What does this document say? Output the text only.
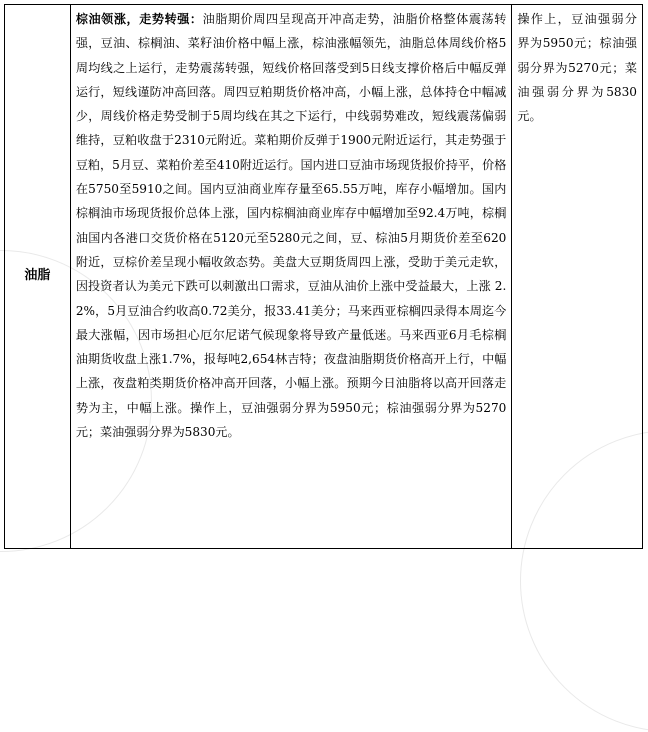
油脂	棕油领涨，走势转强：油脂期价周四呈现高开冲高走势，油脂价格整体震荡转强，豆油、棕榈油、菜籽油价格中幅上涨，棕油涨幅领先，油脂总体周线价格5周均线之上运行，走势震荡转强，短线价格回落受到5日线支撑价格后中幅反弹运行，短线谨防冲高回落。周四豆粕期货价格冲高，小幅上涨，总体持仓中幅减少，周线价格走势受制于5周均线在其之下运行，中线弱势难改，短线震荡偏弱维持，豆粕收盘于2310元附近。菜粕期价反弹于1900元附近运行，其走势强于豆粕，5月豆、菜粕价差至410附近运行。国内进口豆油市场现货报价持平，价格在5750至5910之间。国内豆油商业库存量至65.55万吨，库存小幅增加。国内棕榈油市场现货报价总体上涨，国内棕榈油商业库存中幅增加至92.4万吨，棕榈油国内各港口交货价格在5120元至5280元之间，豆、棕油5月期货价差至620附近，豆棕价差呈现小幅收敛态势。美盘大豆期货周四上涨，受助于美元走软，因投资者认为美元下跌可以刺激出口需求，豆油从油价上涨中受益最大，上涨 2.2%，5月豆油合约收高0.72美分，报33.41美分；马来西亚棕榈四录得本周迄今最大涨幅，因市场担心厄尔尼诺气候现象将导致产量低迷。马来西亚6月毛棕榈油期货收盘上涨1.7%，报每吨2,654林吉特；夜盘油脂期货价格高开上行，中幅上涨，夜盘粕类期货价格冲高开回落，小幅上涨。预期今日油脂将以高开回落走势为主，中幅上涨。操作上，豆油强弱分界为5950元；棕油强弱分界为5270元；菜油强弱分界为5830元。	操作上，豆油强弱分界为5950元；棕油强弱分界为5270元；菜油强弱分界为5830元。
